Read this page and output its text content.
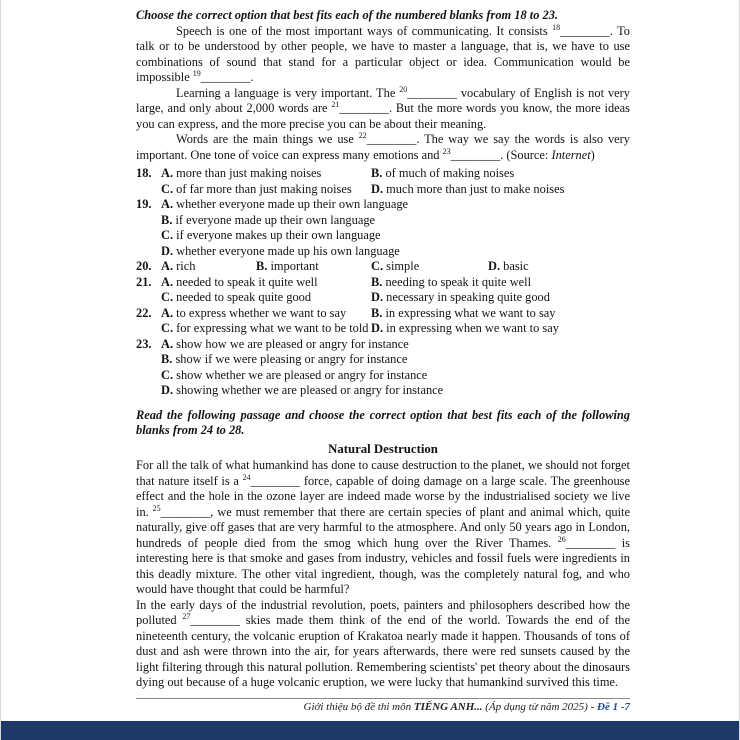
Choose the correct option that best fits each of the numbered blanks from 18 to 23.

Speech is one of the most important ways of communicating. It consists $^{18}$________. To talk or to be understood by other people, we have to master a language, that is, we have to use combinations of sound that stand for a particular object or idea. Communication would be impossible $^{19}$________.

Learning a language is very important. The $^{20}$________ vocabulary of English is not very large, and only about 2,000 words are $^{21}$________. But the more words you know, the more ideas you can express, and the more precise you can be about their meaning.

Words are the main things we use $^{22}$________. The way we say the words is also very important. One tone of voice can express many emotions and $^{23}$________. (Source: Internet)

18. A. more than just making noises	B. of much of making noises
C. of far more than just making noises D. much more than just to make noises
19. A. whether everyone made up their own language
B. if everyone made up their own language
C. if everyone makes up their own language
D. whether everyone made up his own language
20. A. rich	B. important	C. simple	D. basic
21. A. needed to speak it quite well	B. needing to speak it quite well
C. needed to speak quite good	D. necessary in speaking quite good
22. A. to express whether we want to say B. in expressing what we want to say
C. for expressing what we want to be told D. in expressing when we want to say
23. A. show how we are pleased or angry for instance
B. show if we were pleasing or angry for instance
C. show whether we are pleased or angry for instance
D. showing whether we are pleased or angry for instance

Read the following passage and choose the correct option that best fits each of the following blanks from 24 to 28.

Natural Destruction

For all the talk of what humankind has done to cause destruction to the planet, we should not forget that nature itself is a $^{24}$________ force, capable of doing damage on a large scale. The greenhouse effect and the hole in the ozone layer are indeed made worse by the industrialised society we live in. $^{25}$________, we must remember that there are certain species of plant and animal which, quite naturally, give off gases that are very harmful to the atmosphere. And only 50 years ago in London, hundreds of people died from the smog which hung over the River Thames. $^{26}$________ is interesting here is that smoke and gases from industry, vehicles and fossil fuels were ingredients in this deadly mixture. The other vital ingredient, though, was the completely natural fog, and who would have thought that could be harmful?

In the early days of the industrial revolution, poets, painters and philosophers described how the polluted $^{27}$________ skies made them think of the end of the world. Towards the end of the nineteenth century, the volcanic eruption of Krakatoa nearly made it happen. Thousands of tons of dust and ash were thrown into the air, for years afterwards, there were red sunsets caused by the light filtering through this natural pollution. Remembering scientists' pet theory about the dinosaurs dying out because of a huge volcanic eruption, we were lucky that humankind survived this time.

Giới thiệu bộ đề thi môn TIẾNG ANH... (Áp dụng từ năm 2025) - Đề 1 -7
